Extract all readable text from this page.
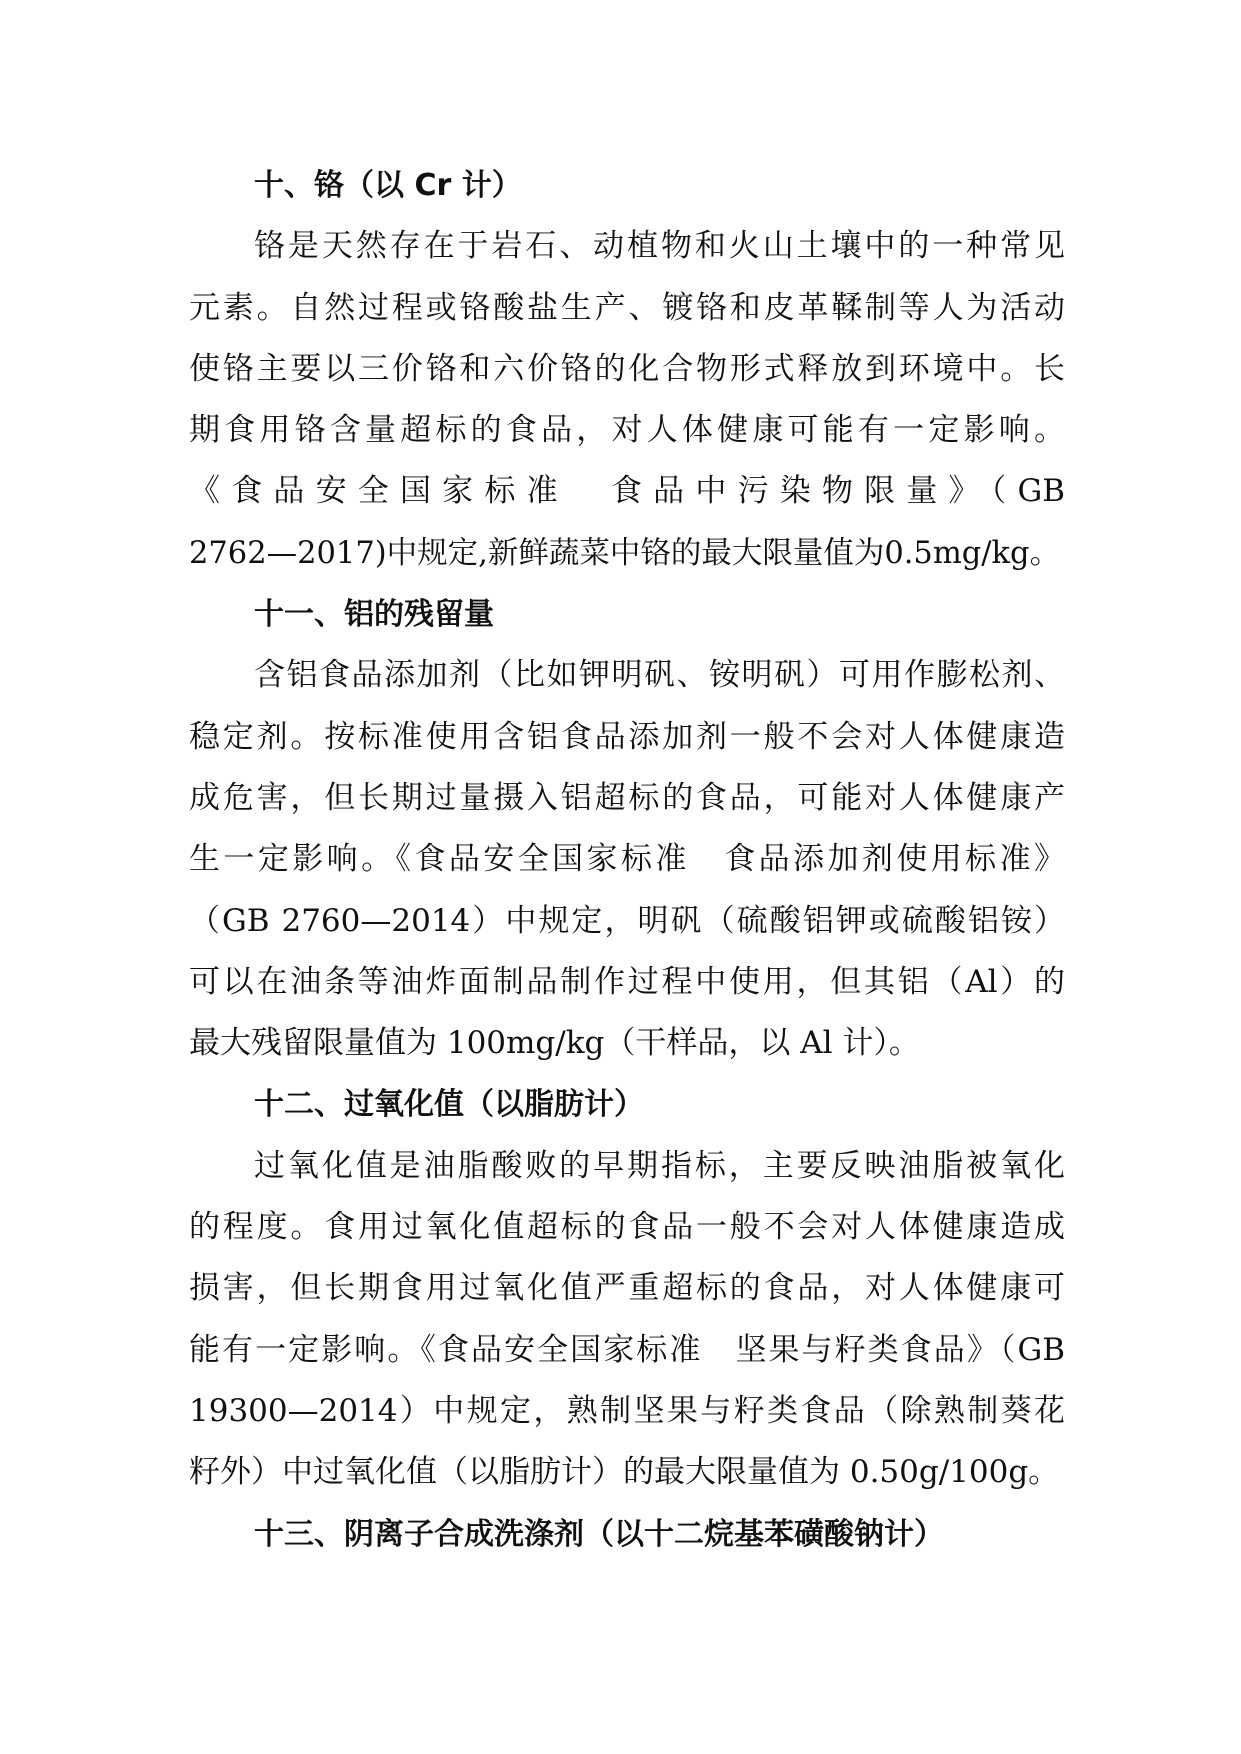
十、铬（以 Cr 计）
铬是天然存在于岩石、动植物和火山土壤中的一种常见
元素。自然过程或铬酸盐生产、镀铬和皮革鞣制等人为活动
使铬主要以三价铬和六价铬的化合物形式释放到环境中。长
期食用铬含量超标的食品，对人体健康可能有一定影响。
《食品安全国家标准　食品中污染物限量》（GB
2762—2017)中规定,新鲜蔬菜中铬的最大限量值为0.5mg/kg。
十一、铝的残留量
含铝食品添加剂（比如钾明矾、铵明矾）可用作膨松剂、
稳定剂。按标准使用含铝食品添加剂一般不会对人体健康造
成危害，但长期过量摄入铝超标的食品，可能对人体健康产
生一定影响。《食品安全国家标准　食品添加剂使用标准》
（GB 2760—2014）中规定，明矾（硫酸铝钾或硫酸铝铵）
可以在油条等油炸面制品制作过程中使用，但其铝（Al）的
最大残留限量值为 100mg/kg（干样品，以 Al 计）。
十二、过氧化值（以脂肪计）
过氧化值是油脂酸败的早期指标，主要反映油脂被氧化
的程度。食用过氧化值超标的食品一般不会对人体健康造成
损害，但长期食用过氧化值严重超标的食品，对人体健康可
能有一定影响。《食品安全国家标准　坚果与籽类食品》（GB
19300—2014）中规定，熟制坚果与籽类食品（除熟制葵花
籽外）中过氧化值（以脂肪计）的最大限量值为 0.50g/100g。
十三、阴离子合成洗涤剂（以十二烷基苯磺酸钠计）
